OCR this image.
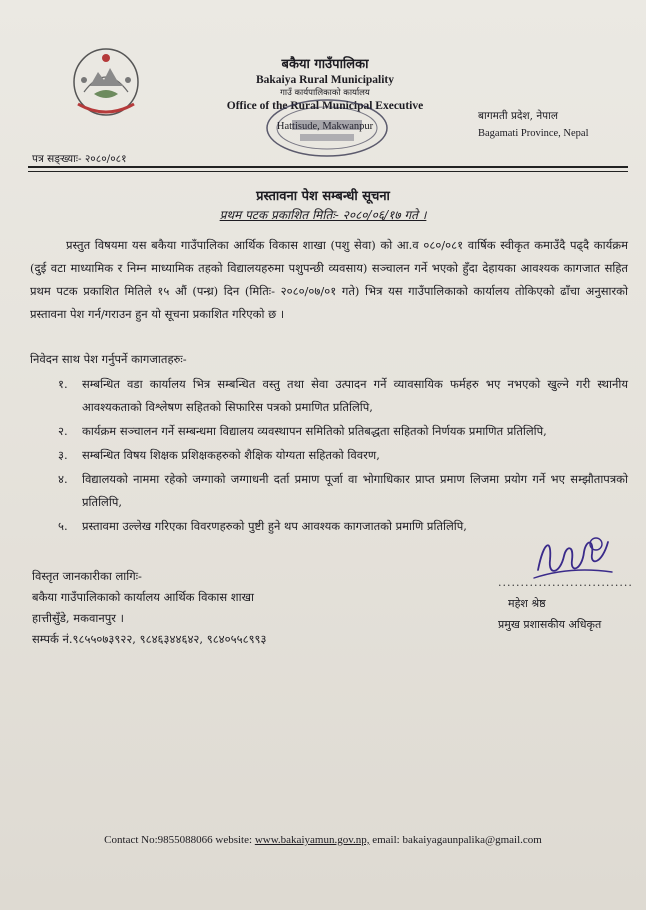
बकैया गाउँपालिका
Bakaiya Rural Municipality
गाउँ कार्यपालिकाको कार्यालय
Office of the Rural Municipal Executive
Hattisude, Makwanpur
बागमती प्रदेश, नेपाल
Bagamati Province, Nepal
पत्र सङ्ख्याः- २०८०/०८१
प्रस्तावना पेश सम्बन्धी सूचना
प्रथम पटक प्रकाशित मितिः- २०८०/०६/१७ गते ।
प्रस्तुत विषयमा यस बकैया गाउँपालिका आर्थिक विकास शाखा (पशु सेवा) को आ.व ०८०/०८१ वार्षिक स्वीकृत कमाउँदै पढ्दै कार्यक्रम (दुई वटा माध्यामिक र निम्न माध्यामिक तहको विद्यालयहरुमा पशुपन्छी व्यवसाय) सञ्चालन गर्ने भएको हुँदा देहायका आवश्यक कागजात सहित प्रथम पटक प्रकाशित मितिले १५ औं (पन्ध्र) दिन (मितिः- २०८०/०७/०१ गते) भित्र यस गाउँपालिकाको कार्यालय तोकिएको ढाँचा अनुसारको प्रस्तावना पेश गर्न/गराउन हुन यो सूचना प्रकाशित गरिएको छ ।
निवेदन साथ पेश गर्नुपर्ने कागजातहरुः-
१.	सम्बन्धित वडा कार्यालय भित्र सम्बन्धित वस्तु तथा सेवा उत्पादन गर्ने व्यावसायिक फर्महरु भए नभएको खुल्ने गरी स्थानीय आवश्यकताको विश्लेषण सहितको सिफारिस पत्रको प्रमाणित प्रतिलिपि,
२.	कार्यक्रम सञ्चालन गर्ने सम्बन्धमा विद्यालय व्यवस्थापन समितिको प्रतिबद्धता सहितको निर्णयक प्रमाणित प्रतिलिपि,
३.	सम्बन्धित विषय शिक्षक प्रशिक्षकहरुको शैक्षिक योग्यता सहितको विवरण,
४.	विद्यालयको नाममा रहेको जग्गाको जग्गाधनी दर्ता प्रमाण पूर्जा वा भोगाधिकार प्राप्त प्रमाण लिजमा प्रयोग गर्ने भए सम्झौतापत्रको प्रतिलिपि,
५.	प्रस्तावमा उल्लेख गरिएका विवरणहरुको पुष्टी हुने थप आवश्यक कागजातको प्रमाणि प्रतिलिपि,
विस्तृत जानकारीका लागिः-
बकैया गाउँपालिकाको कार्यालय आर्थिक विकास शाखा
हात्तीसुँडे, मकवानपुर ।
सम्पर्क नं.९८५५०७३९२२, ९८४६३४४६४२, ९८४०५५८९९३
..............................
महेश श्रेष्ठ
प्रमुख प्रशासकीय अधिकृत
Contact No:9855088066 website: www.bakaiyamun.gov.np, email: bakaiyagaunpalika@gmail.com
